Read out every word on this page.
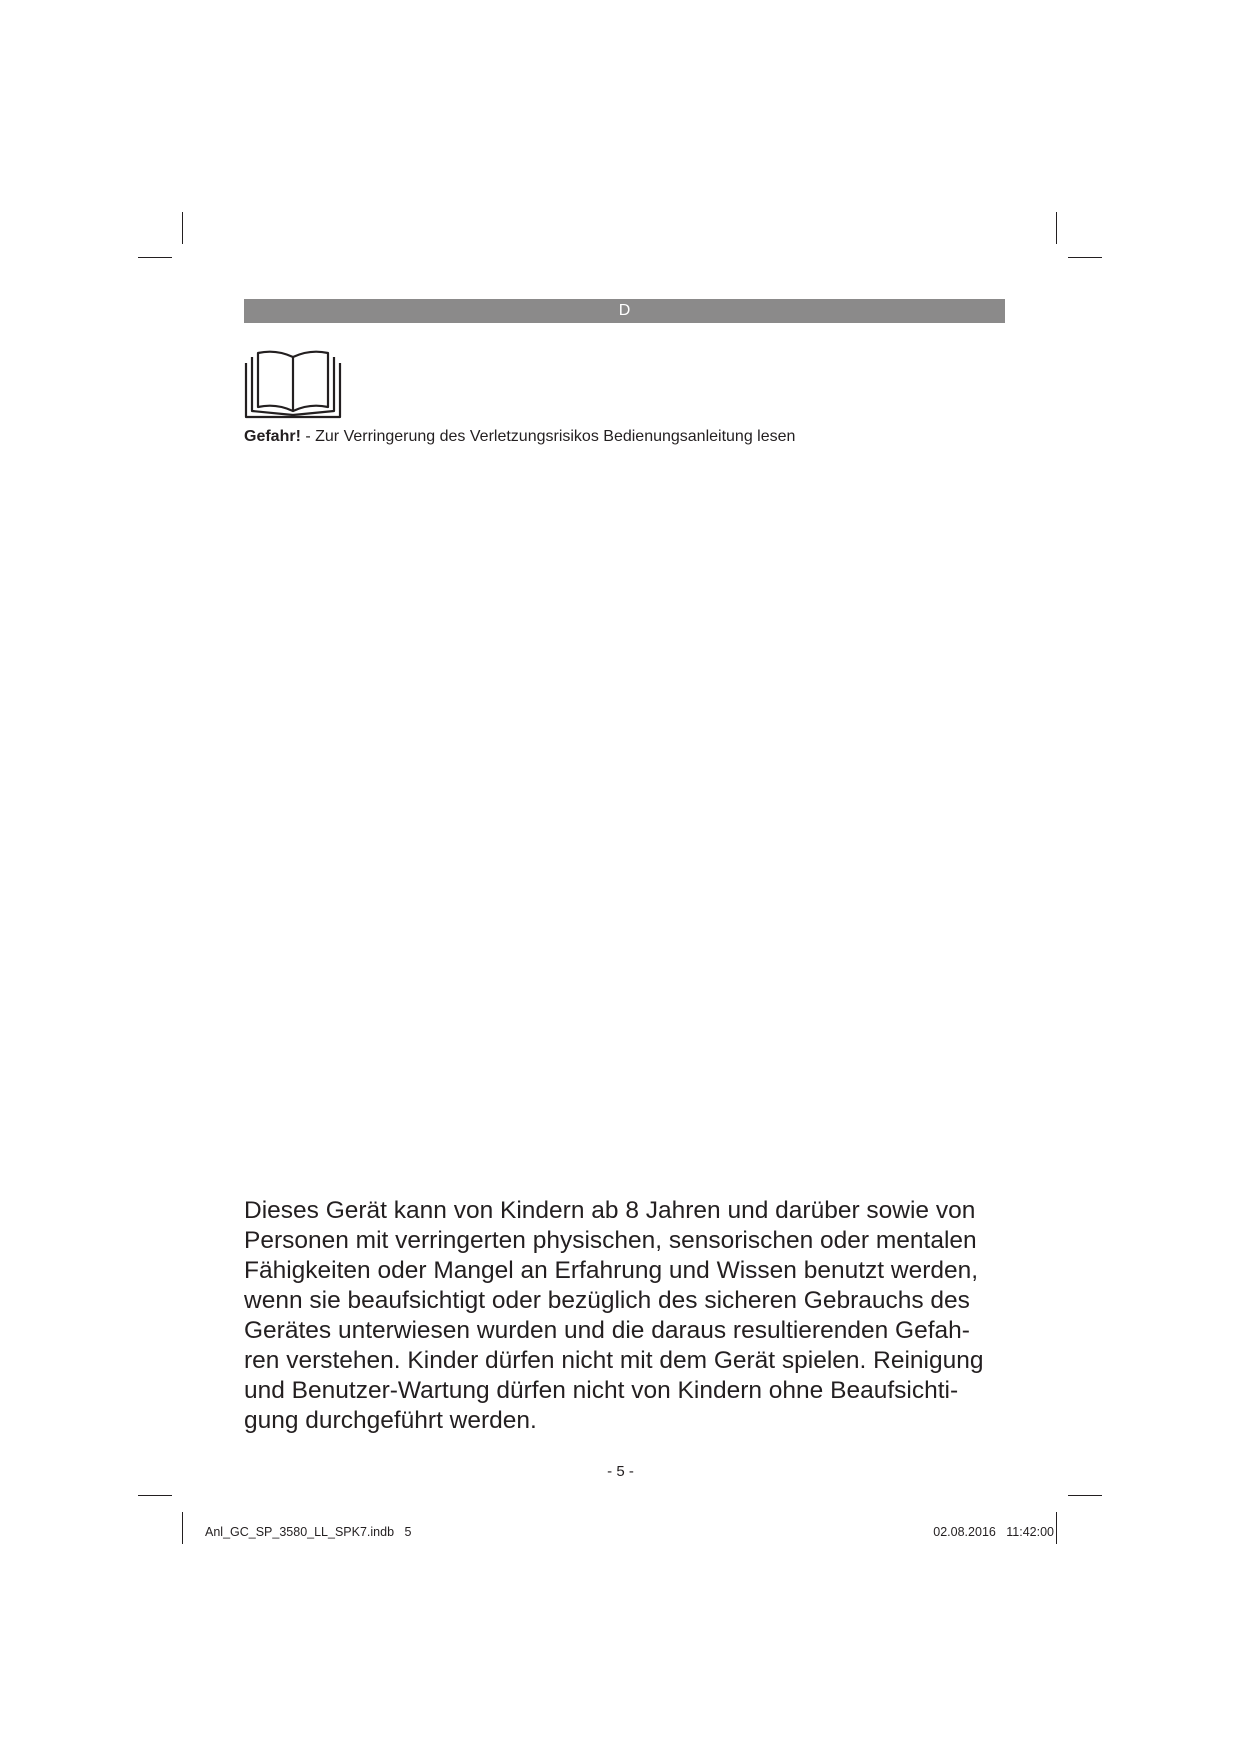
D
Gefahr! - Zur Verringerung des Verletzungsrisikos Bedienungsanleitung lesen

Dieses Gerät kann von Kindern ab 8 Jahren und darüber sowie von
Personen mit verringerten physischen, sensorischen oder mentalen
Fähigkeiten oder Mangel an Erfahrung und Wissen benutzt werden,
wenn sie beaufsichtigt oder bezüglich des sicheren Gebrauchs des
Gerätes unterwiesen wurden und die daraus resultierenden Gefah-
ren verstehen. Kinder dürfen nicht mit dem Gerät spielen. Reinigung
und Benutzer-Wartung dürfen nicht von Kindern ohne Beaufsichti-
gung durchgeführt werden.

- 5 -
Anl_GC_SP_3580_LL_SPK7.indb   5	02.08.2016   11:42:00
